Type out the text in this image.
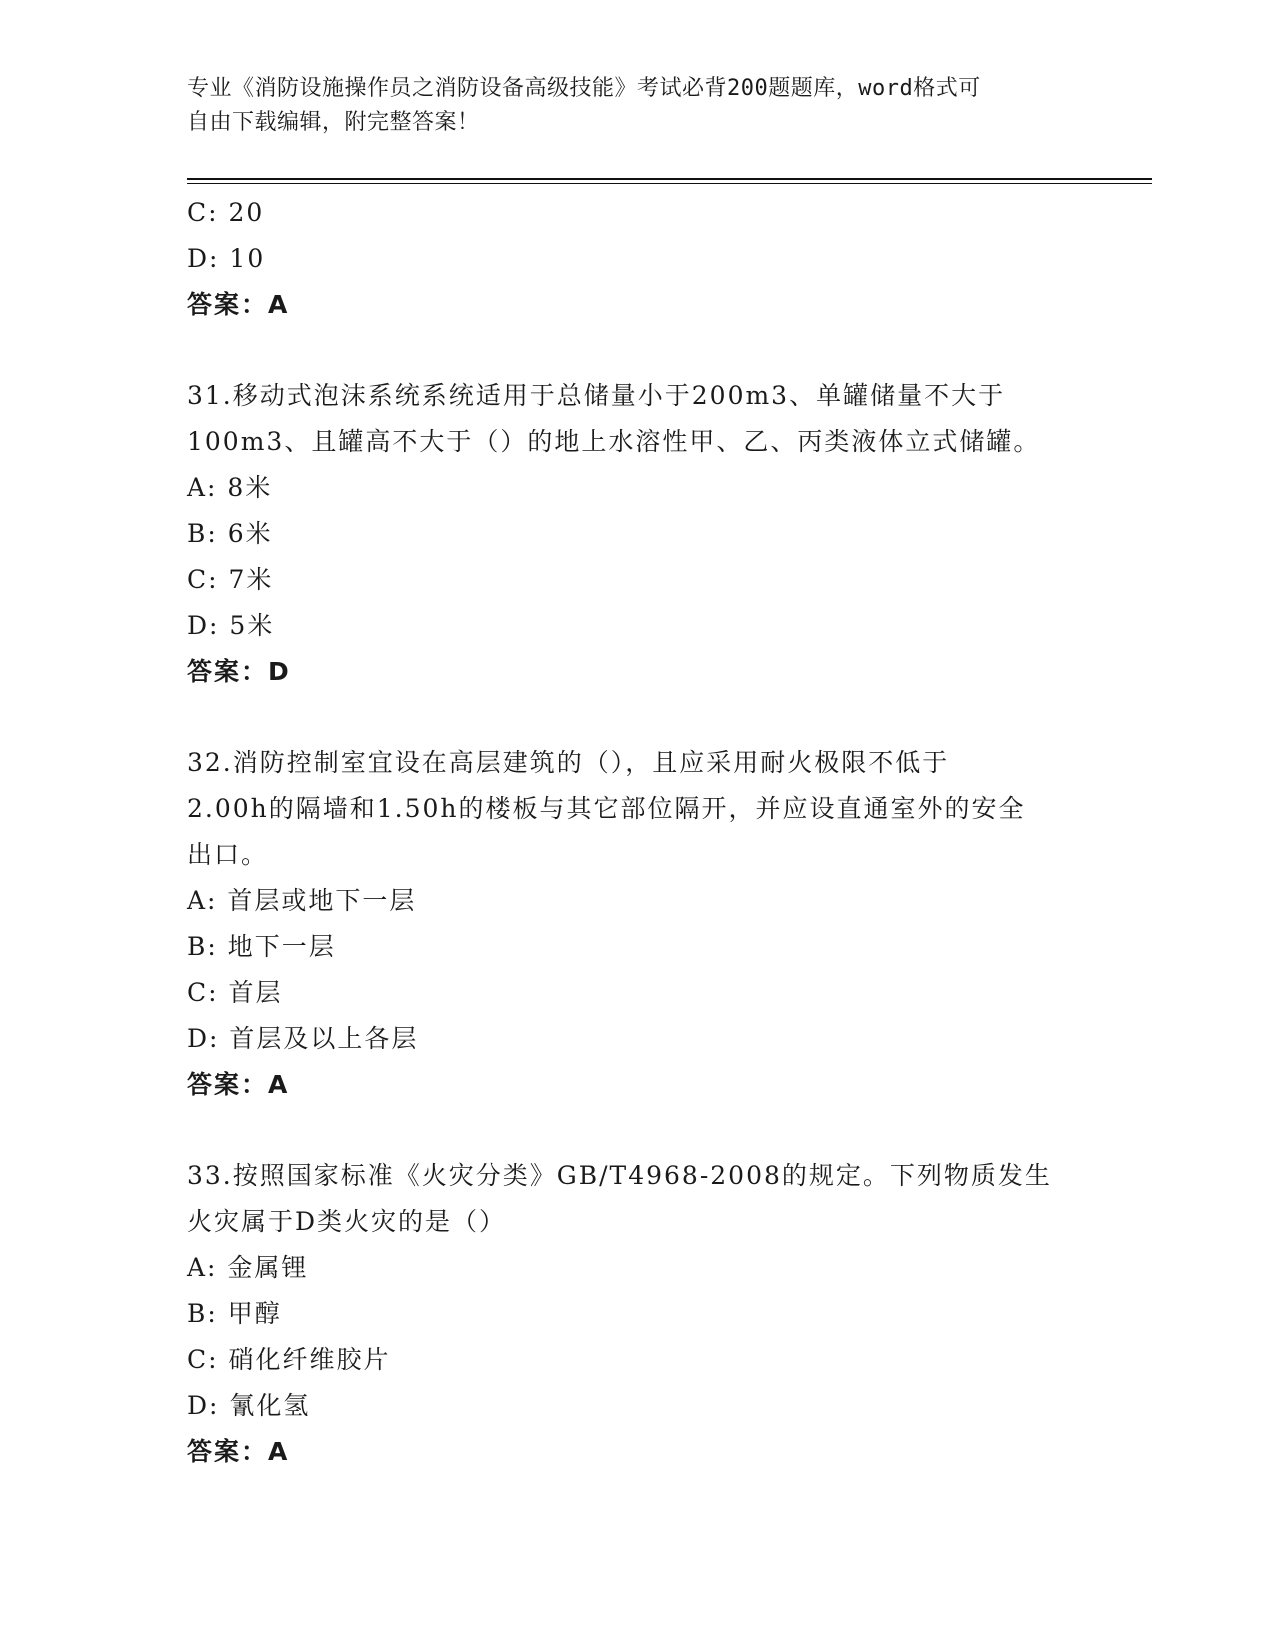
专业《消防设施操作员之消防设备高级技能》考试必背200题题库，word格式可
自由下载编辑，附完整答案！
C: 20
D: 10
答案：A
31.移动式泡沫系统系统适用于总储量小于200m3、单罐储量不大于
100m3、且罐高不大于（）的地上水溶性甲、乙、丙类液体立式储罐。
A: 8米
B: 6米
C: 7米
D: 5米
答案：D
32.消防控制室宜设在高层建筑的（），且应采用耐火极限不低于
2.00h的隔墙和1.50h的楼板与其它部位隔开，并应设直通室外的安全
出口。
A: 首层或地下一层
B: 地下一层
C: 首层
D: 首层及以上各层
答案：A
33.按照国家标准《火灾分类》GB/T4968-2008的规定。下列物质发生
火灾属于D类火灾的是（）
A: 金属锂
B: 甲醇
C: 硝化纤维胶片
D: 氰化氢
答案：A
